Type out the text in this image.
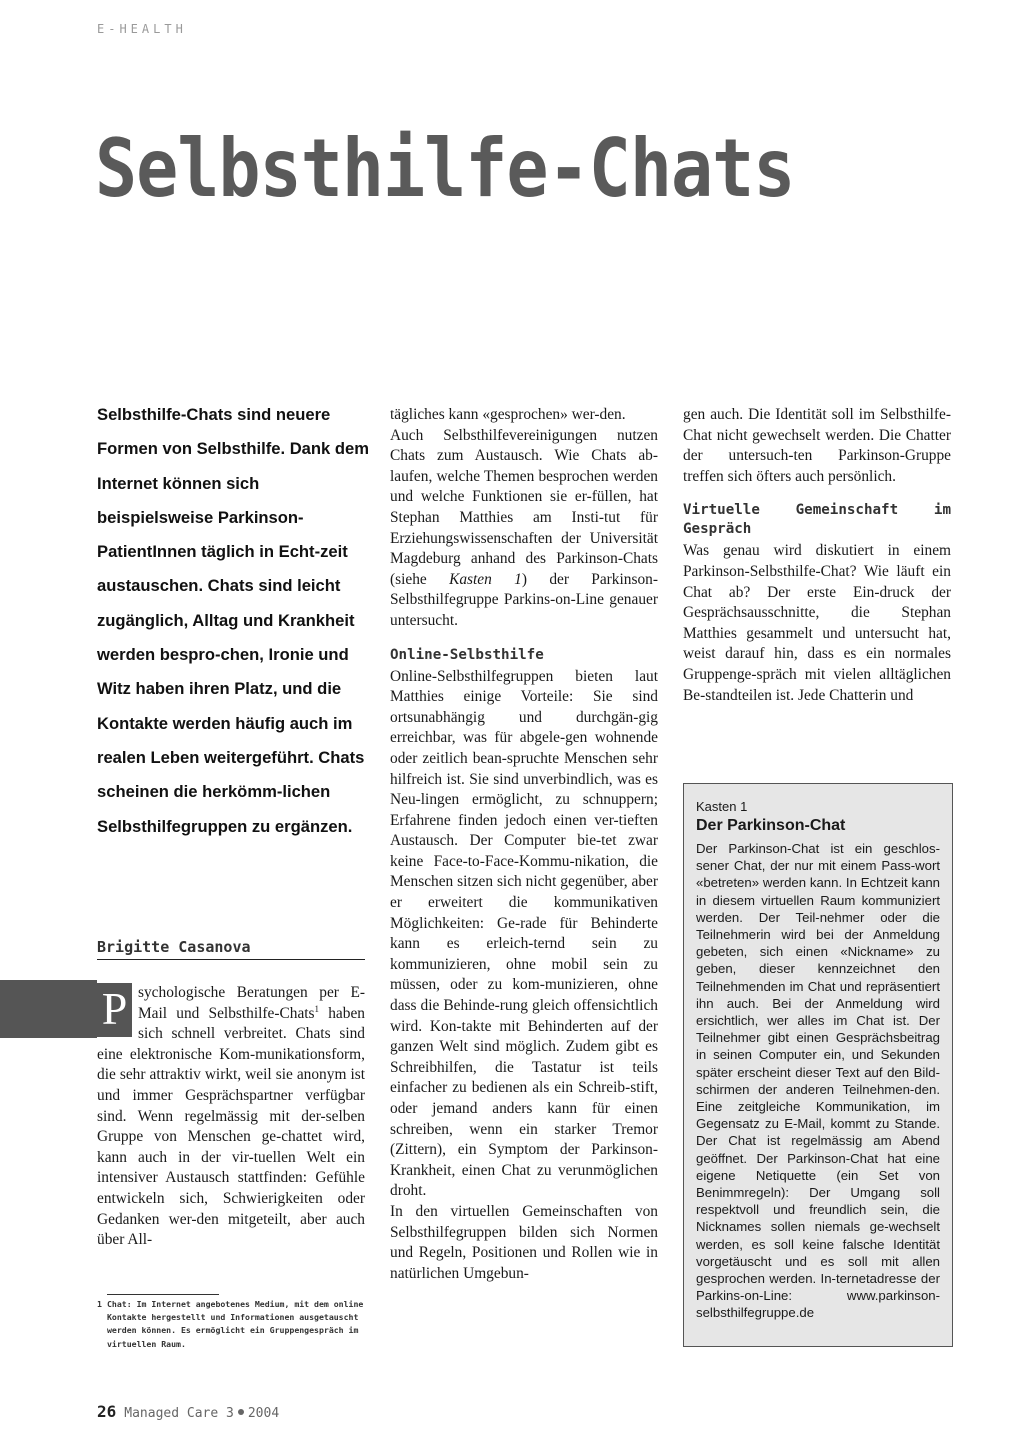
E-HEALTH
Selbsthilfe-Chats

Selbsthilfe-Chats sind neuere Formen von Selbsthilfe. Dank dem Internet können sich beispielsweise Parkinson-PatientInnen täglich in Echt-zeit austauschen. Chats sind leicht zugänglich, Alltag und Krankheit werden bespro-chen, Ironie und Witz haben ihren Platz, und die Kontakte werden häufig auch im realen Leben weitergeführt. Chats scheinen die herkömm-lichen Selbsthilfegruppen zu ergänzen.

Brigitte Casanova

sychologische Beratungen per E-Mail und Selbsthilfe-Chats$^1$ haben sich schnell verbreitet. Chats sind eine elektronische Kom-munikationsform, die sehr attraktiv wirkt, weil sie anonym ist und immer Gesprächspartner verfügbar sind. Wenn regelmässig mit der-selben Gruppe von Menschen ge-chattet wird, kann auch in der vir-tuellen Welt ein intensiver Austausch stattfinden: Gefühle entwickeln sich, Schwierigkeiten oder Gedanken wer-den mitgeteilt, aber auch über All-

P

1 Chat: Im Internet angebotenes Medium, mit dem online Kontakte hergestellt und Informationen ausgetauscht werden können. Es ermöglicht ein Gruppengespräch im virtuellen Raum.

tägliches kann «gesprochen» wer-den.

Auch Selbsthilfevereinigungen nutzen Chats zum Austausch. Wie Chats ab-laufen, welche Themen besprochen werden und welche Funktionen sie er-füllen, hat Stephan Matthies am Insti-tut für Erziehungswissenschaften der Universität Magdeburg anhand des Parkinson-Chats (siehe Kasten 1) der Parkinson-Selbsthilfegruppe Parkins-on-Line genauer untersucht.

Online-Selbsthilfe

Online-Selbsthilfegruppen bieten laut Matthies einige Vorteile: Sie sind ortsunabhängig und durchgän-gig erreichbar, was für abgele-gen wohnende oder zeitlich bean-spruchte Menschen sehr hilfreich ist. Sie sind unverbindlich, was es Neu-lingen ermöglicht, zu schnuppern; Erfahrene finden jedoch einen ver-tieften Austausch. Der Computer bie-tet zwar keine Face-to-Face-Kommu-nikation, die Menschen sitzen sich nicht gegenüber, aber er erweitert die kommunikativen Möglichkeiten: Ge-rade für Behinderte kann es erleich-ternd sein zu kommunizieren, ohne mobil sein zu müssen, oder zu kom-munizieren, ohne dass die Behinde-rung gleich offensichtlich wird. Kon-takte mit Behinderten auf der ganzen Welt sind möglich. Zudem gibt es Schreibhilfen, die Tastatur ist teils einfacher zu bedienen als ein Schreib-stift, oder jemand anders kann für einen schreiben, wenn ein starker Tremor (Zittern), ein Symptom der Parkinson-Krankheit, einen Chat zu verunmöglichen droht.

In den virtuellen Gemeinschaften von Selbsthilfegruppen bilden sich Normen und Regeln, Positionen und Rollen wie in natürlichen Umgebun-

gen auch. Die Identität soll im Selbsthilfe-Chat nicht gewechselt werden. Die Chatter der untersuch-ten Parkinson-Gruppe treffen sich öfters auch persönlich.

Virtuelle Gemeinschaft im Gespräch

Was genau wird diskutiert in einem Parkinson-Selbsthilfe-Chat? Wie läuft ein Chat ab? Der erste Ein-druck der Gesprächsausschnitte, die Stephan Matthies gesammelt und untersucht hat, weist darauf hin, dass es ein normales Gruppenge-spräch mit vielen alltäglichen Be-standteilen ist. Jede Chatterin und

Kasten 1

Der Parkinson-Chat

Der Parkinson-Chat ist ein geschlos-sener Chat, der nur mit einem Pass-wort «betreten» werden kann. In Echtzeit kann in diesem virtuellen Raum kommuniziert werden. Der Teil-nehmer oder die Teilnehmerin wird bei der Anmeldung gebeten, sich einen «Nickname» zu geben, dieser kennzeichnet den Teilnehmenden im Chat und repräsentiert ihn auch. Bei der Anmeldung wird ersichtlich, wer alles im Chat ist. Der Teilnehmer gibt einen Gesprächsbeitrag in seinen Computer ein, und Sekunden später erscheint dieser Text auf den Bild-schirmen der anderen Teilnehmen-den. Eine zeitgleiche Kommunikation, im Gegensatz zu E-Mail, kommt zu Stande. Der Chat ist regelmässig am Abend geöffnet. Der Parkinson-Chat hat eine eigene Netiquette (ein Set von Benimmregeln): Der Umgang soll respektvoll und freundlich sein, die Nicknames sollen niemals ge-wechselt werden, es soll keine falsche Identität vorgetäuscht und es soll mit allen gesprochen werden. In-ternetadresse der Parkins-on-Line: www.parkinson-selbsthilfegruppe.de

26 Managed Care 3 2004
